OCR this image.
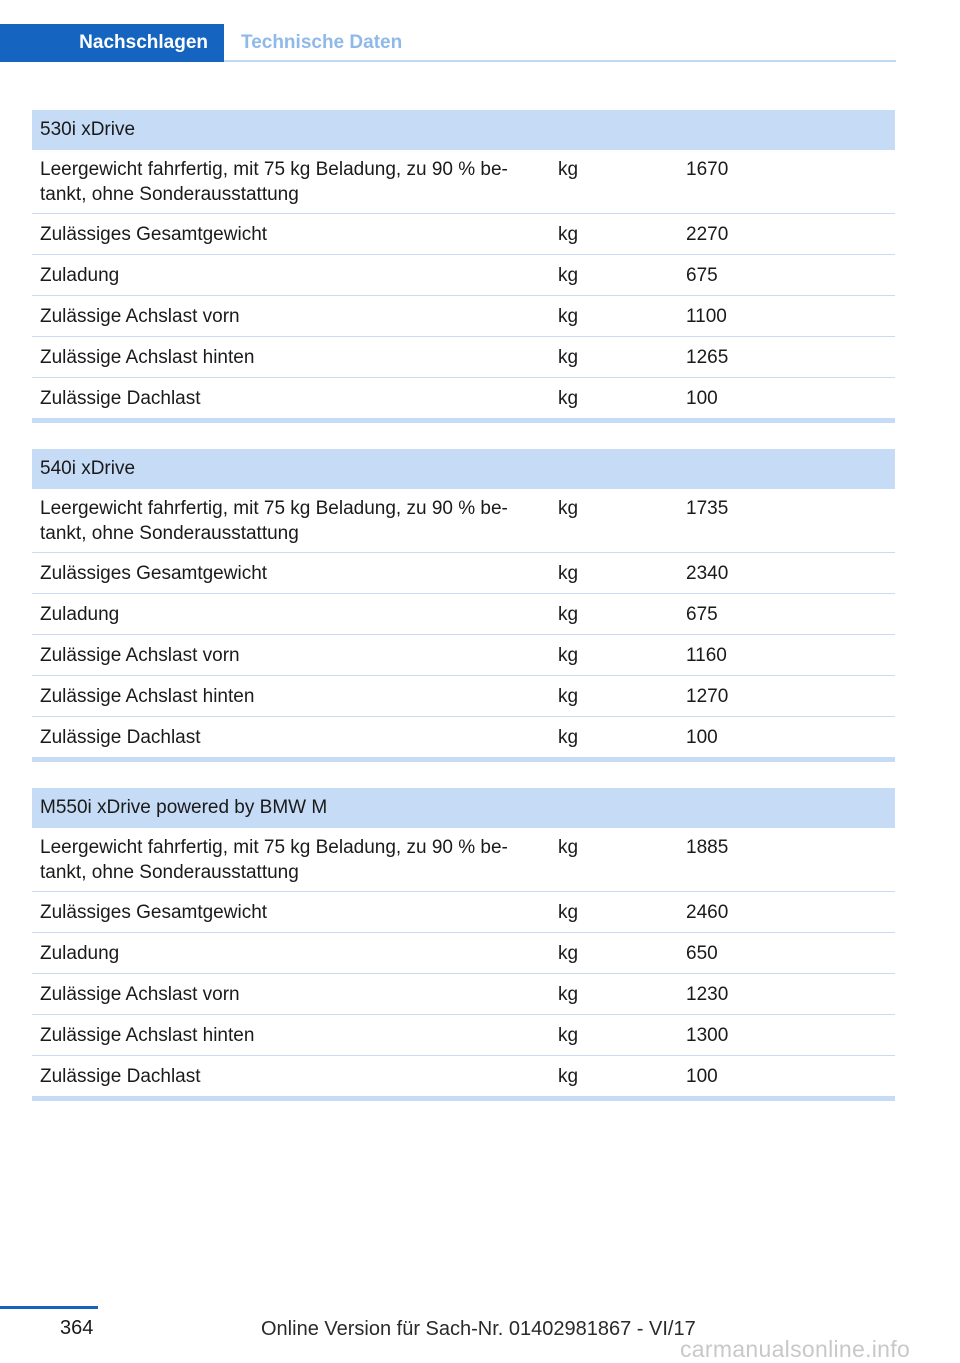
Nachschlagen	Technische Daten
530i xDrive
Leergewicht fahrfertig, mit 75 kg Beladung, zu 90 % be-
tankt, ohne Sonderausstattung
kg	1670
Zulässiges Gesamtgewicht	kg	2270
Zuladung	kg	675
Zulässige Achslast vorn	kg	1100
Zulässige Achslast hinten	kg	1265
Zulässige Dachlast	kg	100
540i xDrive
Leergewicht fahrfertig, mit 75 kg Beladung, zu 90 % be-
tankt, ohne Sonderausstattung
kg	1735
Zulässiges Gesamtgewicht	kg	2340
Zuladung	kg	675
Zulässige Achslast vorn	kg	1160
Zulässige Achslast hinten	kg	1270
Zulässige Dachlast	kg	100
M550i xDrive powered by BMW M
Leergewicht fahrfertig, mit 75 kg Beladung, zu 90 % be-
tankt, ohne Sonderausstattung
kg	1885
Zulässiges Gesamtgewicht	kg	2460
Zuladung	kg	650
Zulässige Achslast vorn	kg	1230
Zulässige Achslast hinten	kg	1300
Zulässige Dachlast	kg	100
364	Online Version für Sach-Nr. 01402981867 - VI/17
carmanualsonline.info
